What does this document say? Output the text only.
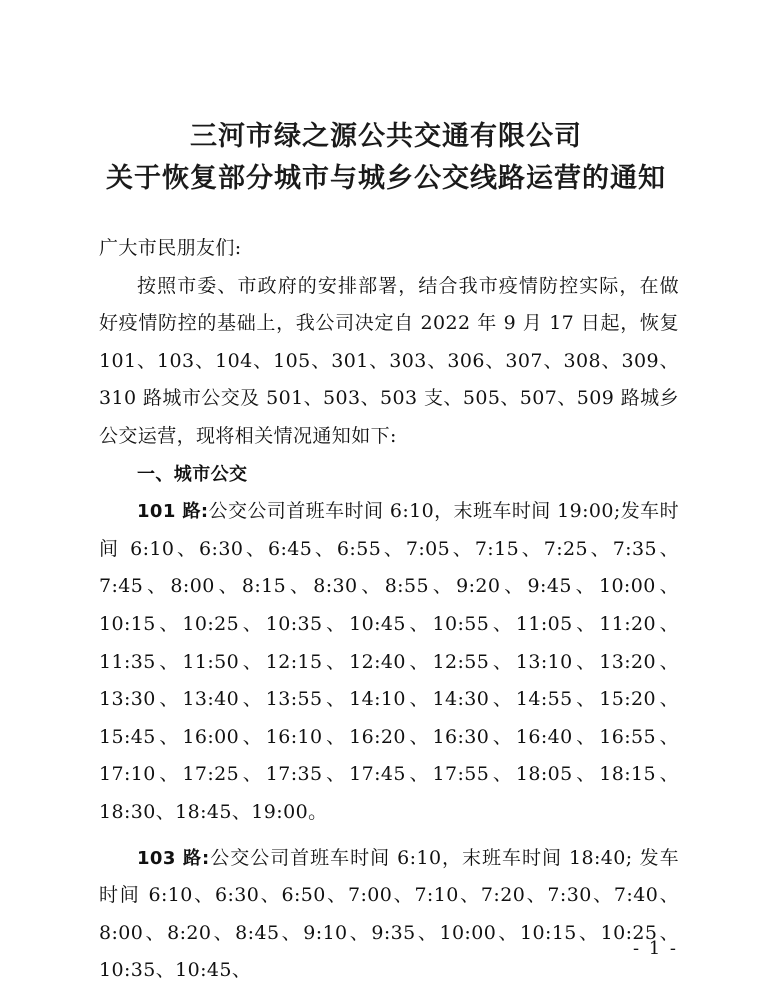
三河市绿之源公共交通有限公司
关于恢复部分城市与城乡公交线路运营的通知

广大市民朋友们:

按照市委、市政府的安排部署，结合我市疫情防控实际，在做好疫情防控的基础上，我公司决定自 2022 年 9 月 17 日起，恢复 101、103、104、105、301、303、306、307、308、309、310 路城市公交及 501、503、503 支、505、507、509 路城乡公交运营，现将相关情况通知如下:

一、城市公交

101 路:公交公司首班车时间 6:10，末班车时间 19:00;发车时间 6:10、6:30、6:45、6:55、7:05、7:15、7:25、7:35、7:45、8:00、8:15、8:30、8:55、9:20、9:45、10:00、10:15、10:25、10:35、10:45、10:55、11:05、11:20、11:35、11:50、12:15、12:40、12:55、13:10、13:20、13:30、13:40、13:55、14:10、14:30、14:55、15:20、15:45、16:00、16:10、16:20、16:30、16:40、16:55、17:10、17:25、17:35、17:45、17:55、18:05、18:15、18:30、18:45、19:00。

103 路:公交公司首班车时间 6:10，末班车时间 18:40; 发车时间 6:10、6:30、6:50、7:00、7:10、7:20、7:30、7:40、8:00、8:20、8:45、9:10、9:35、10:00、10:15、10:25、10:35、10:45、

- 1 -
